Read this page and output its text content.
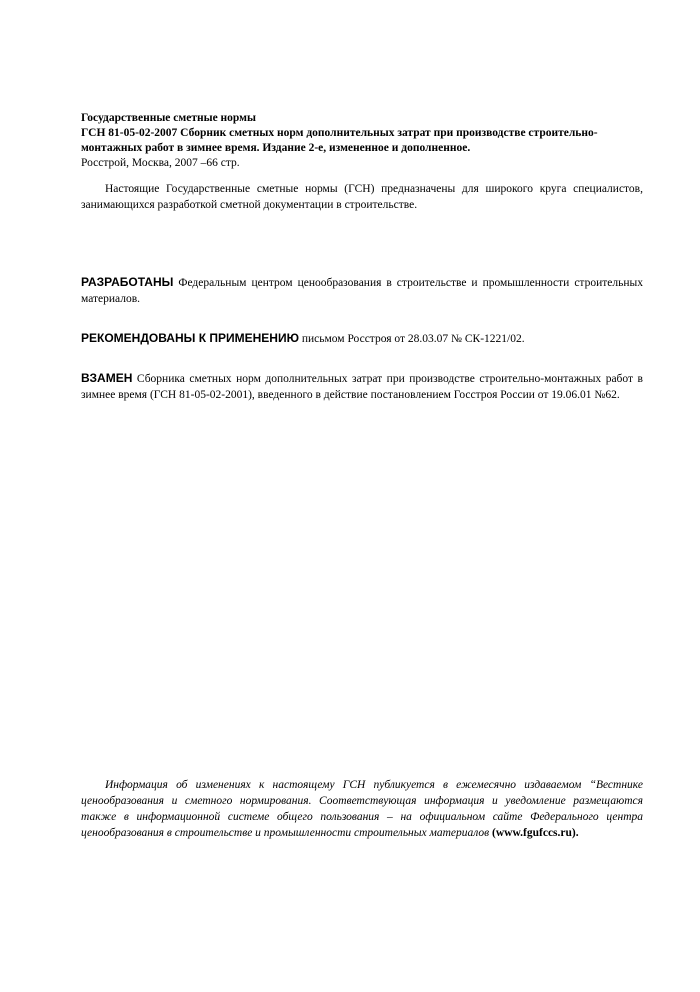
Государственные сметные нормы
ГСН 81-05-02-2007 Сборник сметных норм дополнительных затрат при производстве строительно-монтажных работ в зимнее время. Издание 2-е, измененное и дополненное.
Росстрой, Москва, 2007 –66 стр.

Настоящие Государственные сметные нормы (ГСН) предназначены для широкого круга специалистов, занимающихся разработкой сметной документации в строительстве.

РАЗРАБОТАНЫ Федеральным центром ценообразования в строительстве и промышленности строительных материалов.

РЕКОМЕНДОВАНЫ К ПРИМЕНЕНИЮ письмом Росстроя от 28.03.07 № СК-1221/02.

ВЗАМЕН Сборника сметных норм дополнительных затрат при производстве строительно-монтажных работ в зимнее время (ГСН 81-05-02-2001), введенного в действие постановлением Госстроя России от 19.06.01 №62.

Информация об изменениях к настоящему ГСН публикуется в ежемесячно издаваемом “Вестнике ценообразования и сметного нормирования. Соответствующая информация и уведомление размещаются также в информационной системе общего пользования – на официальном сайте Федерального центра ценообразования в строительстве и промышленности строительных материалов (www.fgufccs.ru).
